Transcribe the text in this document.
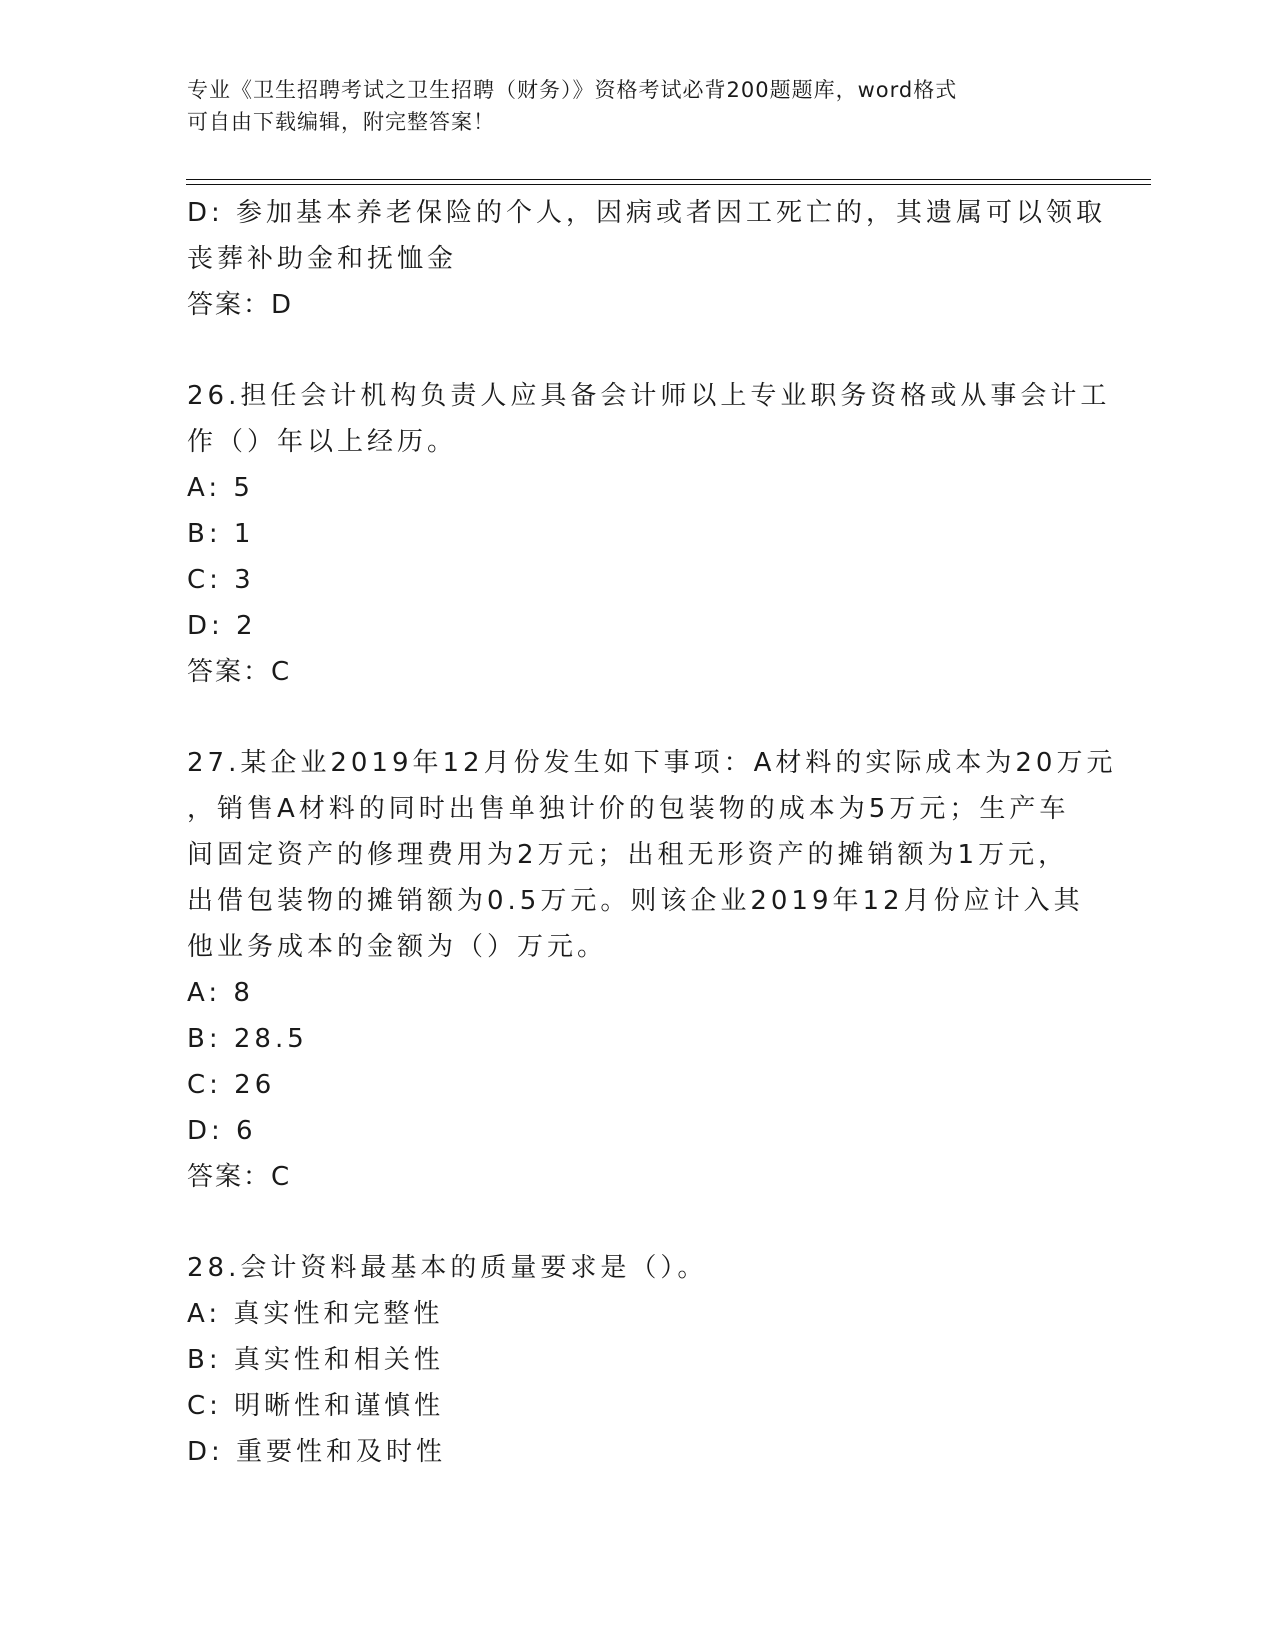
专业《卫生招聘考试之卫生招聘（财务）》资格考试必背200题题库，word格式
可自由下载编辑，附完整答案！

D: 参加基本养老保险的个人，因病或者因工死亡的，其遗属可以领取

丧葬补助金和抚恤金

答案：D

26.担任会计机构负责人应具备会计师以上专业职务资格或从事会计工

作（）年以上经历。

A: 5

B: 1

C: 3

D: 2

答案：C

27.某企业2019年12月份发生如下事项：A材料的实际成本为20万元

，销售A材料的同时出售单独计价的包装物的成本为5万元；生产车

间固定资产的修理费用为2万元；出租无形资产的摊销额为1万元，

出借包装物的摊销额为0.5万元。则该企业2019年12月份应计入其

他业务成本的金额为（）万元。

A: 8

B: 28.5

C: 26

D: 6

答案：C

28.会计资料最基本的质量要求是（）。

A: 真实性和完整性

B: 真实性和相关性

C: 明晰性和谨慎性

D: 重要性和及时性
